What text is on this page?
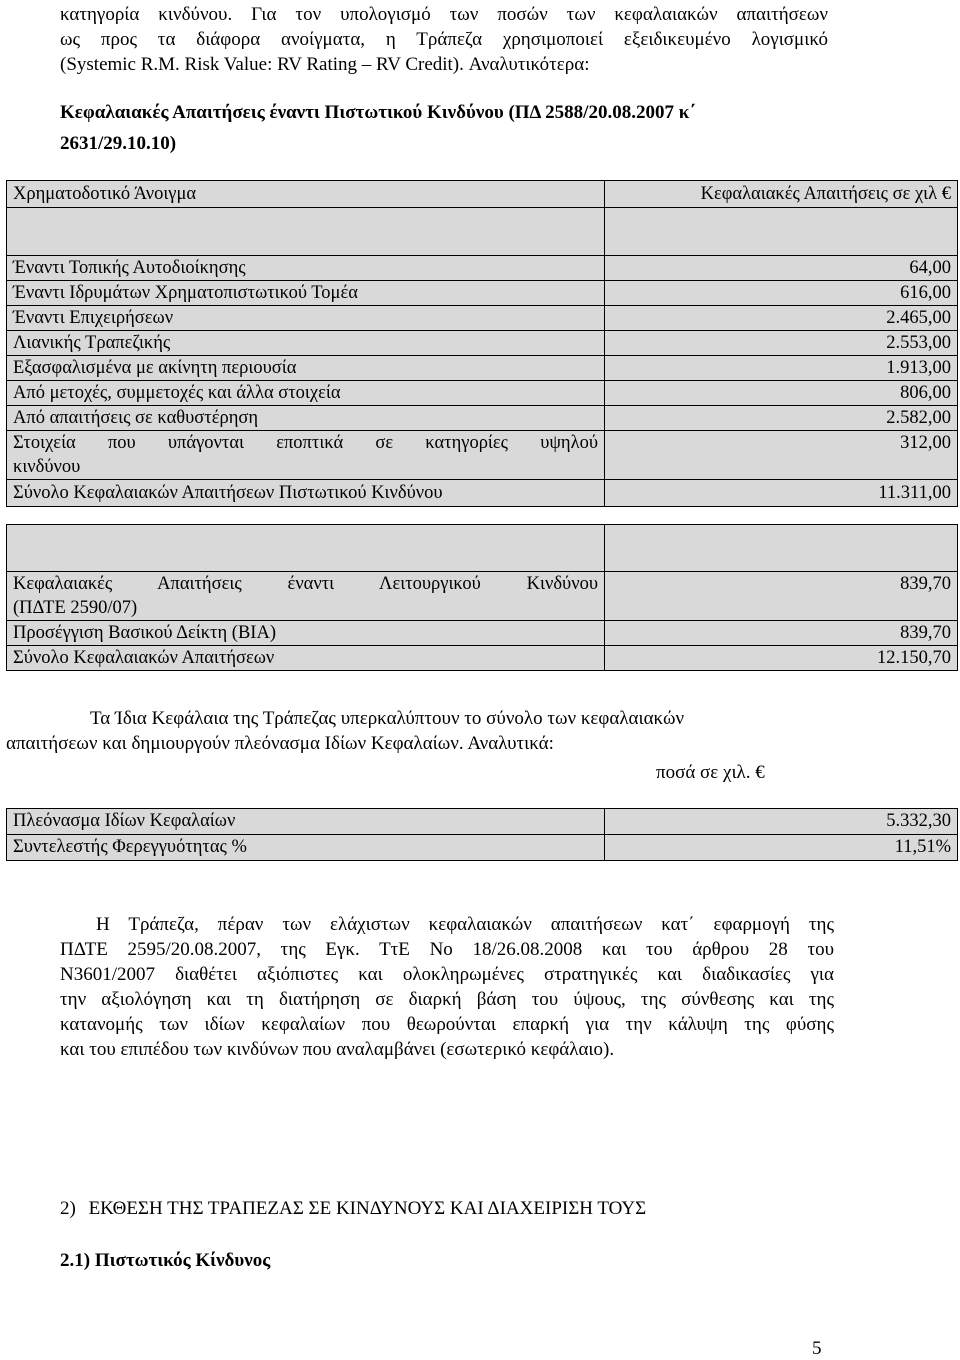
κατηγορία κινδύνου. Για τον υπολογισμό των ποσών των κεφαλαιακών απαιτήσεων
ως προς τα διάφορα ανοίγματα, η Τράπεζα χρησιμοποιεί εξειδικευμένο λογισμικό
(Systemic R.M. Risk Value: RV Rating – RV Credit). Αναλυτικότερα:
Κεφαλαιακές Απαιτήσεις έναντι Πιστωτικού Κινδύνου (ΠΔ 2588/20.08.2007 κ΄
2631/29.10.10)
Χρηματοδοτικό Άνοιγμα	Κεφαλαιακές Απαιτήσεις σε χιλ €

Έναντι Τοπικής Αυτοδιοίκησης	64,00
Έναντι Ιδρυμάτων Χρηματοπιστωτικού Τομέα	616,00
Έναντι Επιχειρήσεων	2.465,00
Λιανικής Τραπεζικής	2.553,00
Εξασφαλισμένα με ακίνητη περιουσία	1.913,00
Από μετοχές, συμμετοχές και άλλα στοιχεία	806,00
Από απαιτήσεις σε καθυστέρηση	2.582,00

Στοιχεία που υπάγονται εποπτικά σε κατηγορίες υψηλού
κινδύνου	312,00
Σύνολο Κεφαλαιακών Απαιτήσεων Πιστωτικού Κινδύνου	11.311,00

Κεφαλαιακές Απαιτήσεις έναντι Λειτουργικού Κινδύνου
(ΠΔΤΕ 2590/07)	839,70
Προσέγγιση Βασικού Δείκτη (ΒΙΑ)	839,70
Σύνολο Κεφαλαιακών Απαιτήσεων	12.150,70
Τα Ίδια Κεφάλαια της Τράπεζας υπερκαλύπτουν το σύνολο των κεφαλαιακών
απαιτήσεων και δημιουργούν πλεόνασμα Ιδίων Κεφαλαίων. Αναλυτικά:
ποσά σε χιλ. €
Πλεόνασμα Ιδίων Κεφαλαίων	5.332,30
Συντελεστής Φερεγγυότητας %	11,51%
Η Τράπεζα, πέραν των ελάχιστων κεφαλαιακών απαιτήσεων κατ΄ εφαρμογή της
ΠΔΤΕ 2595/20.08.2007, της Εγκ. ΤτΕ Νο 18/26.08.2008 και του άρθρου 28 του
Ν3601/2007 διαθέτει αξιόπιστες και ολοκληρωμένες στρατηγικές και διαδικασίες για
την αξιολόγηση και τη διατήρηση σε διαρκή βάση του ύψους, της σύνθεσης και της
κατανομής των ιδίων κεφαλαίων που θεωρούνται επαρκή για την κάλυψη της φύσης
και του επιπέδου των κινδύνων που αναλαμβάνει (εσωτερικό κεφάλαιο).
2) ΕΚΘΕΣΗ ΤΗΣ ΤΡΑΠΕΖΑΣ ΣΕ ΚΙΝΔΥΝΟΥΣ ΚΑΙ ΔΙΑΧΕΙΡΙΣΗ ΤΟΥΣ
2.1) Πιστωτικός Κίνδυνος
5
